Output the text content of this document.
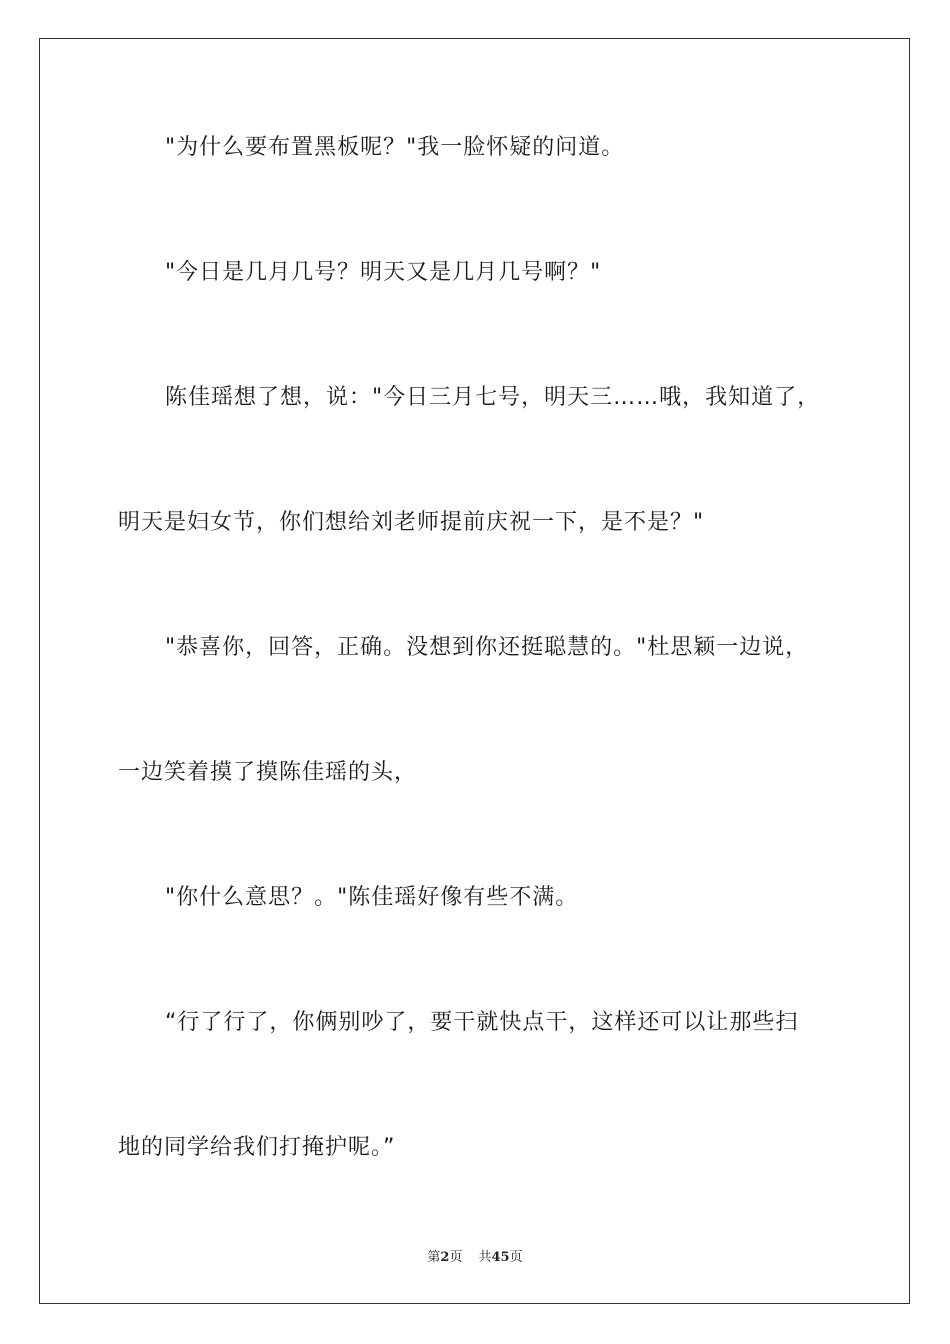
"为什么要布置黑板呢？"我一脸怀疑的问道。
"今日是几月几号？明天又是几月几号啊？"
陈佳瑶想了想，说："今日三月七号，明天三……哦，我知道了，
明天是妇女节，你们想给刘老师提前庆祝一下，是不是？"
"恭喜你，回答，正确。没想到你还挺聪慧的。"杜思颖一边说，
一边笑着摸了摸陈佳瑶的头，
"你什么意思？。"陈佳瑶好像有些不满。
“行了行了，你俩别吵了，要干就快点干，这样还可以让那些扫
地的同学给我们打掩护呢。”
第2页 共45页
